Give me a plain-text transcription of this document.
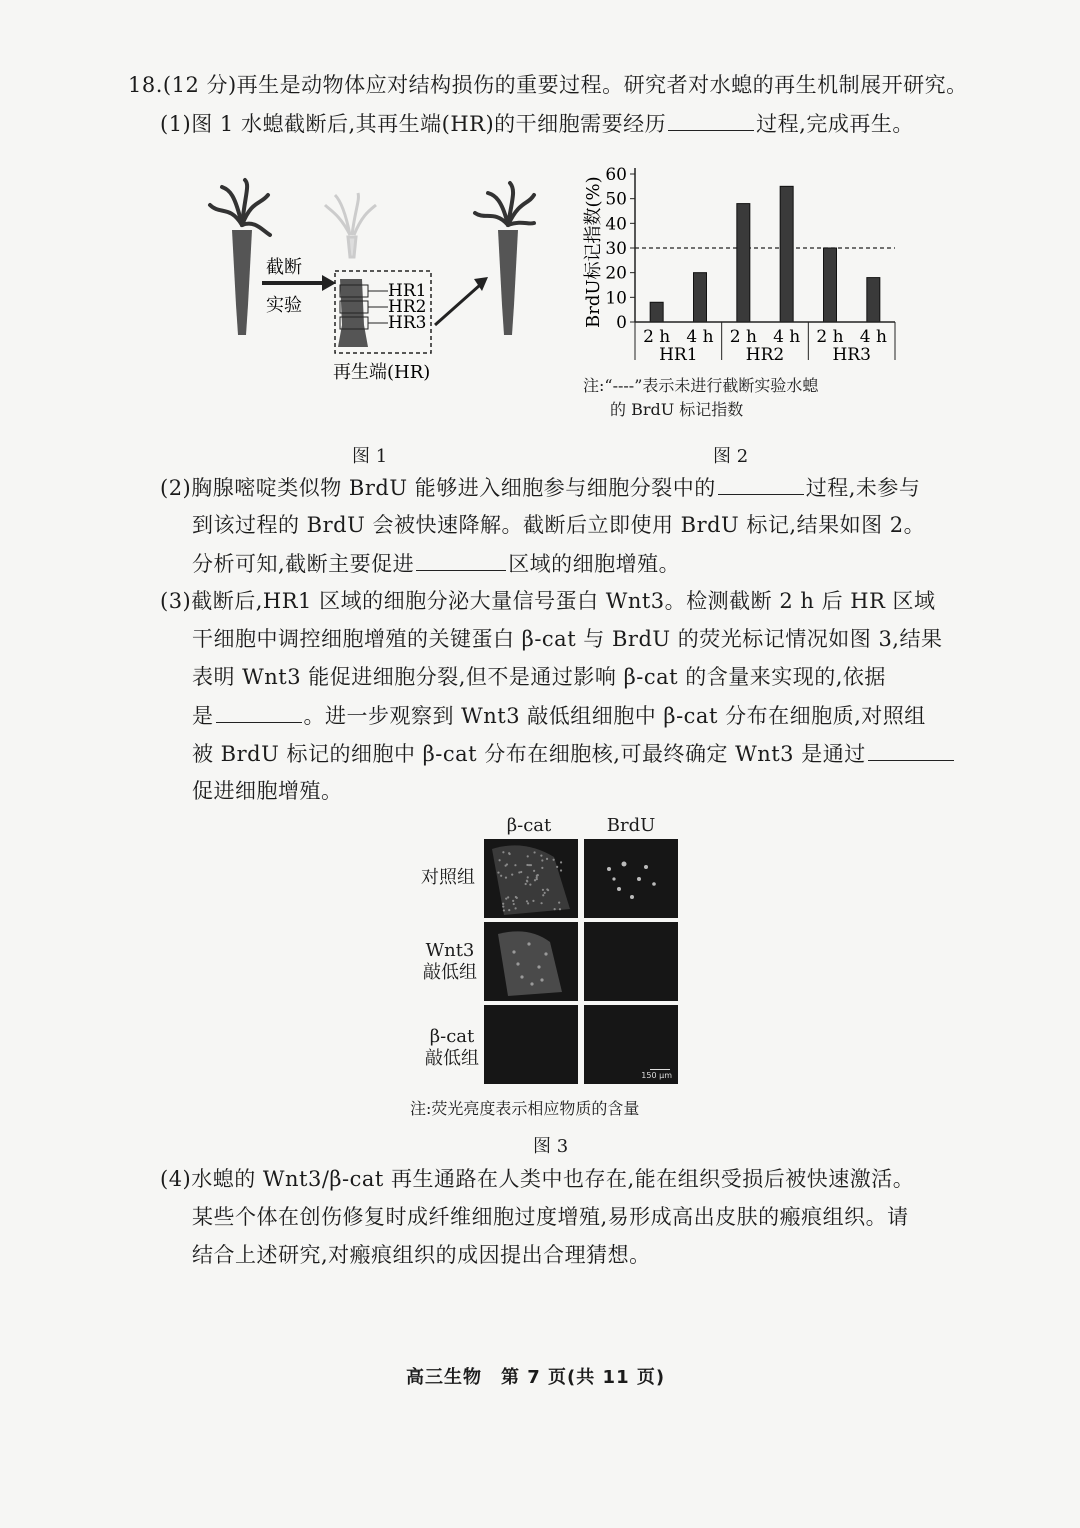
18.(12 分)再生是动物体应对结构损伤的重要过程。研究者对水螅的再生机制展开研究。
(1)图 1 水螅截断后,其再生端(HR)的干细胞需要经历	过程,完成再生。
截断
实验
HR1
HR2
HR3
再生端(HR)
图 1
BrdU标记指数(%) 0
10
20
30
40
50
60
2 h 4 h 2 h 4 h 2 h 4 h
HR1	HR2	HR3
注:“----”表示未进行截断实验水螅
的 BrdU 标记指数
图 2
(2)胸腺嘧啶类似物 BrdU 能够进入细胞参与细胞分裂中的	过程,未参与
到该过程的 BrdU 会被快速降解。截断后立即使用 BrdU 标记,结果如图 2。
分析可知,截断主要促进	区域的细胞增殖。
(3)截断后,HR1 区域的细胞分泌大量信号蛋白 Wnt3。检测截断 2 h 后 HR 区域
干细胞中调控细胞增殖的关键蛋白 β-cat 与 BrdU 的荧光标记情况如图 3,结果
表明 Wnt3 能促进细胞分裂,但不是通过影响 β-cat 的含量来实现的,依据
是	。进一步观察到 Wnt3 敲低组细胞中 β-cat 分布在细胞质,对照组
被 BrdU 标记的细胞中 β-cat 分布在细胞核,可最终确定 Wnt3 是通过
促进细胞增殖。
β-cat	BrdU
对照组
Wnt3
敲低组
β-cat
敲低组
150 μm
注:荧光亮度表示相应物质的含量
图 3
(4)水螅的 Wnt3/β-cat 再生通路在人类中也存在,能在组织受损后被快速激活。
某些个体在创伤修复时成纤维细胞过度增殖,易形成高出皮肤的瘢痕组织。请
结合上述研究,对瘢痕组织的成因提出合理猜想。
高三生物　第 7 页(共 11 页)
